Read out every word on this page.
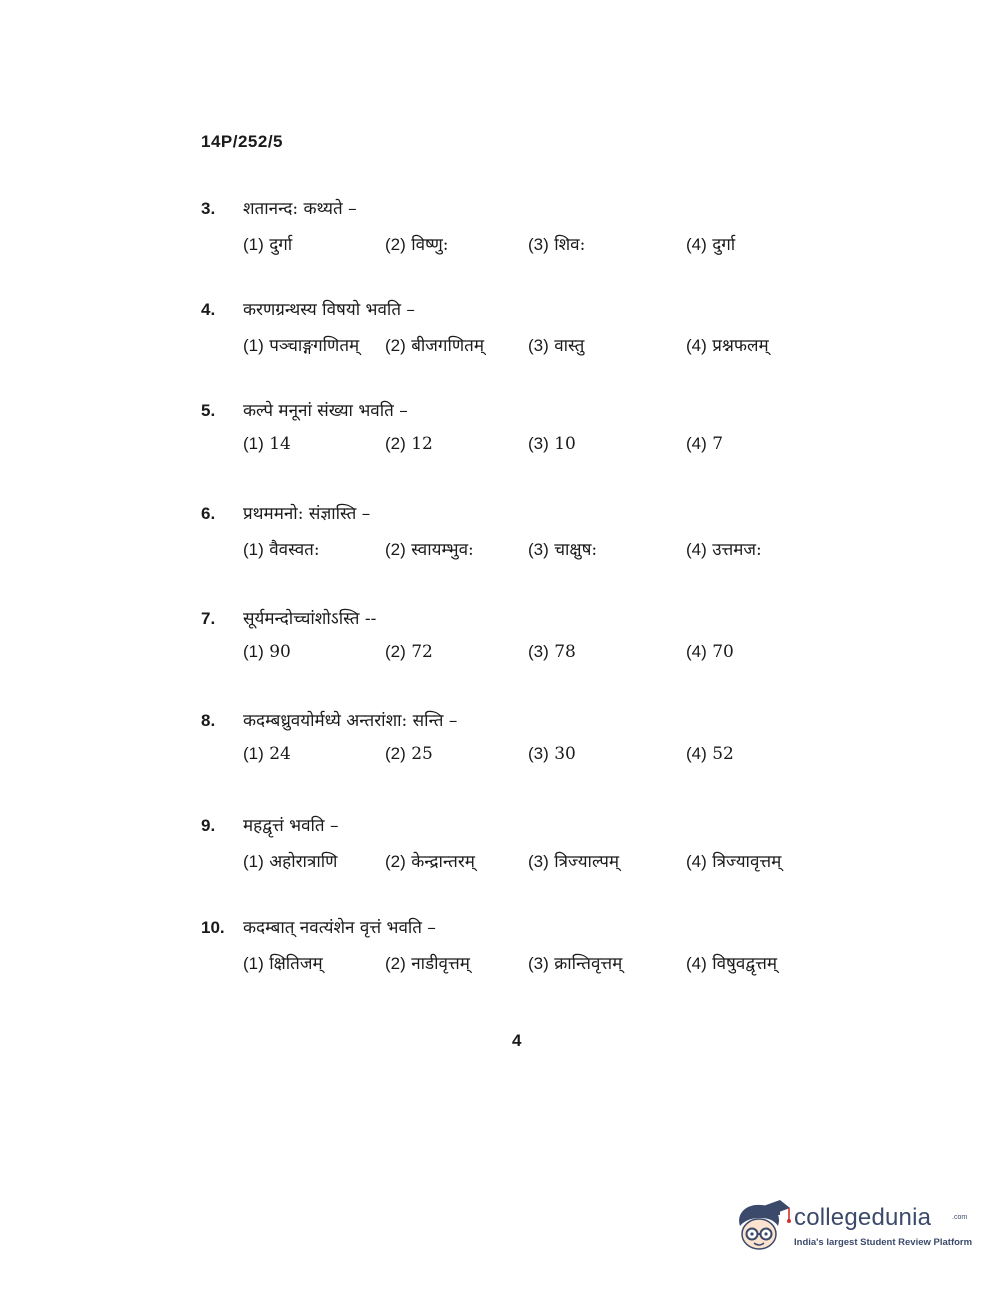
14P/252/5
3. शतानन्द: कथ्यते –
(1) दुर्गा	(2) विष्णु:	(3) शिव:	(4) दुर्गा
4. करणग्रन्थस्य विषयो भवति –
(1) पञ्चाङ्गगणितम् (2) बीजगणितम्	(3) वास्तु	(4) प्रश्नफलम्
5. कल्पे मनूनां संख्या भवति –
(1) 14	(2) 12	(3) 10	(4) 7
6. प्रथममनो: संज्ञास्ति –
(1) वैवस्वत:	(2) स्वायम्भुव:	(3) चाक्षुष:	(4) उत्तमज:
7. सूर्यमन्दोच्चांशोऽस्ति --
(1) 90	(2) 72	(3) 78	(4) 70
8. कदम्बध्रुवयोर्मध्ये अन्तरांशा: सन्ति –
(1) 24	(2) 25	(3) 30	(4) 52
9. महद्वृत्तं भवति –
(1) अहोरात्राणि	(2) केन्द्रान्तरम्	(3) त्रिज्याल्पम्	(4) त्रिज्यावृत्तम्
10. कदम्बात् नवत्यंशेन वृत्तं भवति –
(1) क्षितिजम्	(2) नाडीवृत्तम्	(3) क्रान्तिवृत्तम्	(4) विषुवद्वृत्तम्
4
collegedunia	.com
India's largest Student Review Platform
